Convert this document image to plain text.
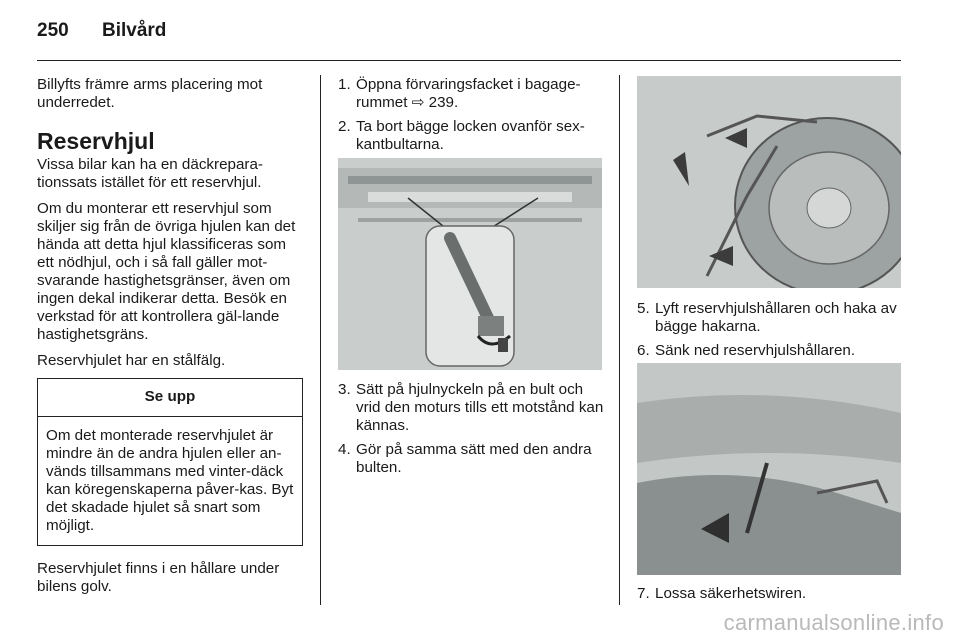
250 Bilvård

Billyfts främre arms placering mot underredet.

Reservhjul

Vissa bilar kan ha en däckrepara-tionssats istället för ett reservhjul.

Om du monterar ett reservhjul som skiljer sig från de övriga hjulen kan det hända att detta hjul klassificeras som ett nödhjul, och i så fall gäller mot-svarande hastighetsgränser, även om ingen dekal indikerar detta. Besök en verkstad för att kontrollera gäl-lande hastighetsgräns.

Reservhjulet har en stålfälg.

Se upp
Om det monterade reservhjulet är mindre än de andra hjulen eller an-vänds tillsammans med vinter-däck kan köregenskaperna påver-kas. Byt det skadade hjulet så snart som möjligt.

Reservhjulet finns i en hållare under bilens golv.

1. Öppna förvaringsfacket i bagage-rummet ⇨ 239.
2. Ta bort bägge locken ovanför sex-kantbultarna.
3. Sätt på hjulnyckeln på en bult och vrid den moturs tills ett motstånd kan kännas.
4. Gör på samma sätt med den andra bulten.
5. Lyft reservhjulshållaren och haka av bägge hakarna.
6. Sänk ned reservhjulshållaren.
7. Lossa säkerhetswiren.
carmanualsonline.info
